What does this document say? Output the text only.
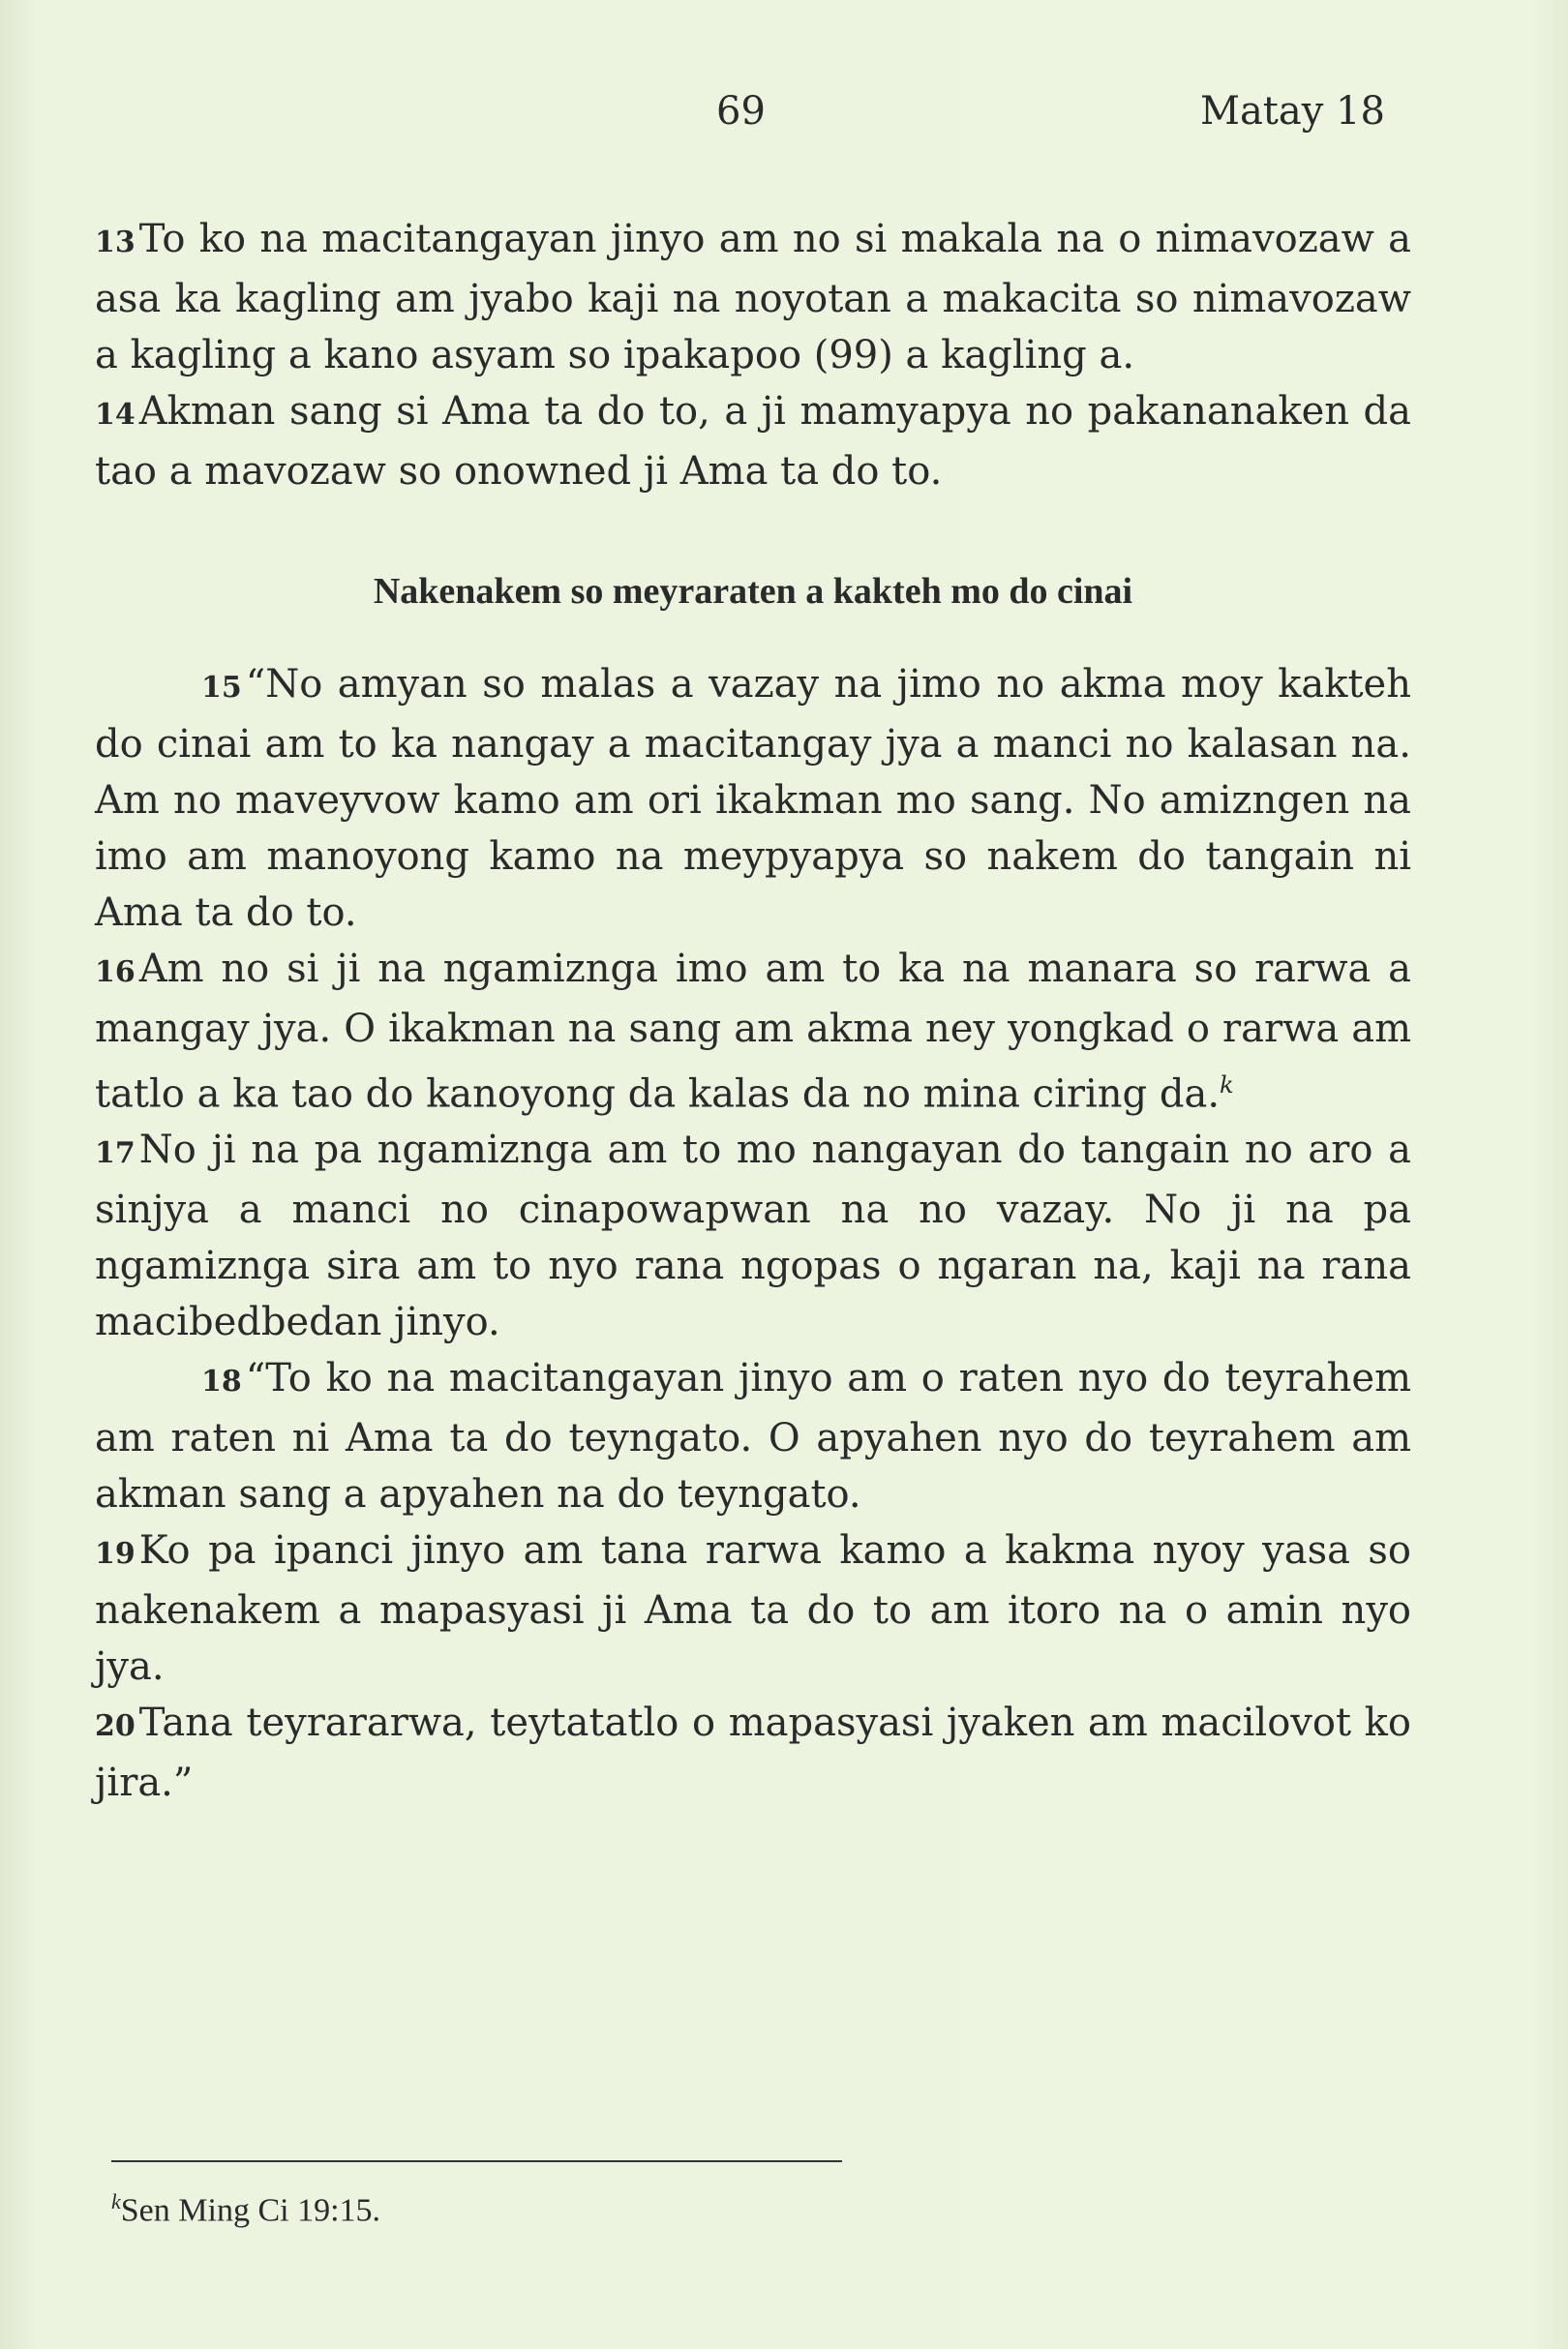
69	Matay 18

13 To ko na macitangayan jinyo am no si makala na o nimavozaw a asa ka kagling am jyabo kaji na noyotan a makacita so nimavozaw a kagling a kano asyam so ipakapoo (99) a kagling a.

14 Akman sang si Ama ta do to, a ji mamyapya no pakananaken da tao a mavozaw so onowned ji Ama ta do to.

Nakenakem so meyraraten a kakteh mo do cinai

15 “No amyan so malas a vazay na jimo no akma moy kakteh do cinai am to ka nangay a macitangay jya a manci no kalasan na. Am no maveyvow kamo am ori ikakman mo sang. No amizngen na imo am manoyong kamo na meypyapya so nakem do tangain ni Ama ta do to.

16 Am no si ji na ngamiznga imo am to ka na manara so rarwa a mangay jya. O ikakman na sang am akma ney yongkad o rarwa am tatlo a ka tao do kanoyong da kalas da no mina ciring da.$^k$

17 No ji na pa ngamiznga am to mo nangayan do tangain no aro a sinjya a manci no cinapowapwan na no vazay. No ji na pa ngamiznga sira am to nyo rana ngopas o ngaran na, kaji na rana macibedbedan jinyo.

18 “To ko na macitangayan jinyo am o raten nyo do teyrahem am raten ni Ama ta do teyngato. O apyahen nyo do teyrahem am akman sang a apyahen na do teyngato.

19 Ko pa ipanci jinyo am tana rarwa kamo a kakma nyoy yasa so nakenakem a mapasyasi ji Ama ta do to am itoro na o amin nyo jya.

20 Tana teyrararwa, teytatatlo o mapasyasi jyaken am macilovot ko jira.”

$^k$Sen Ming Ci 19:15.
